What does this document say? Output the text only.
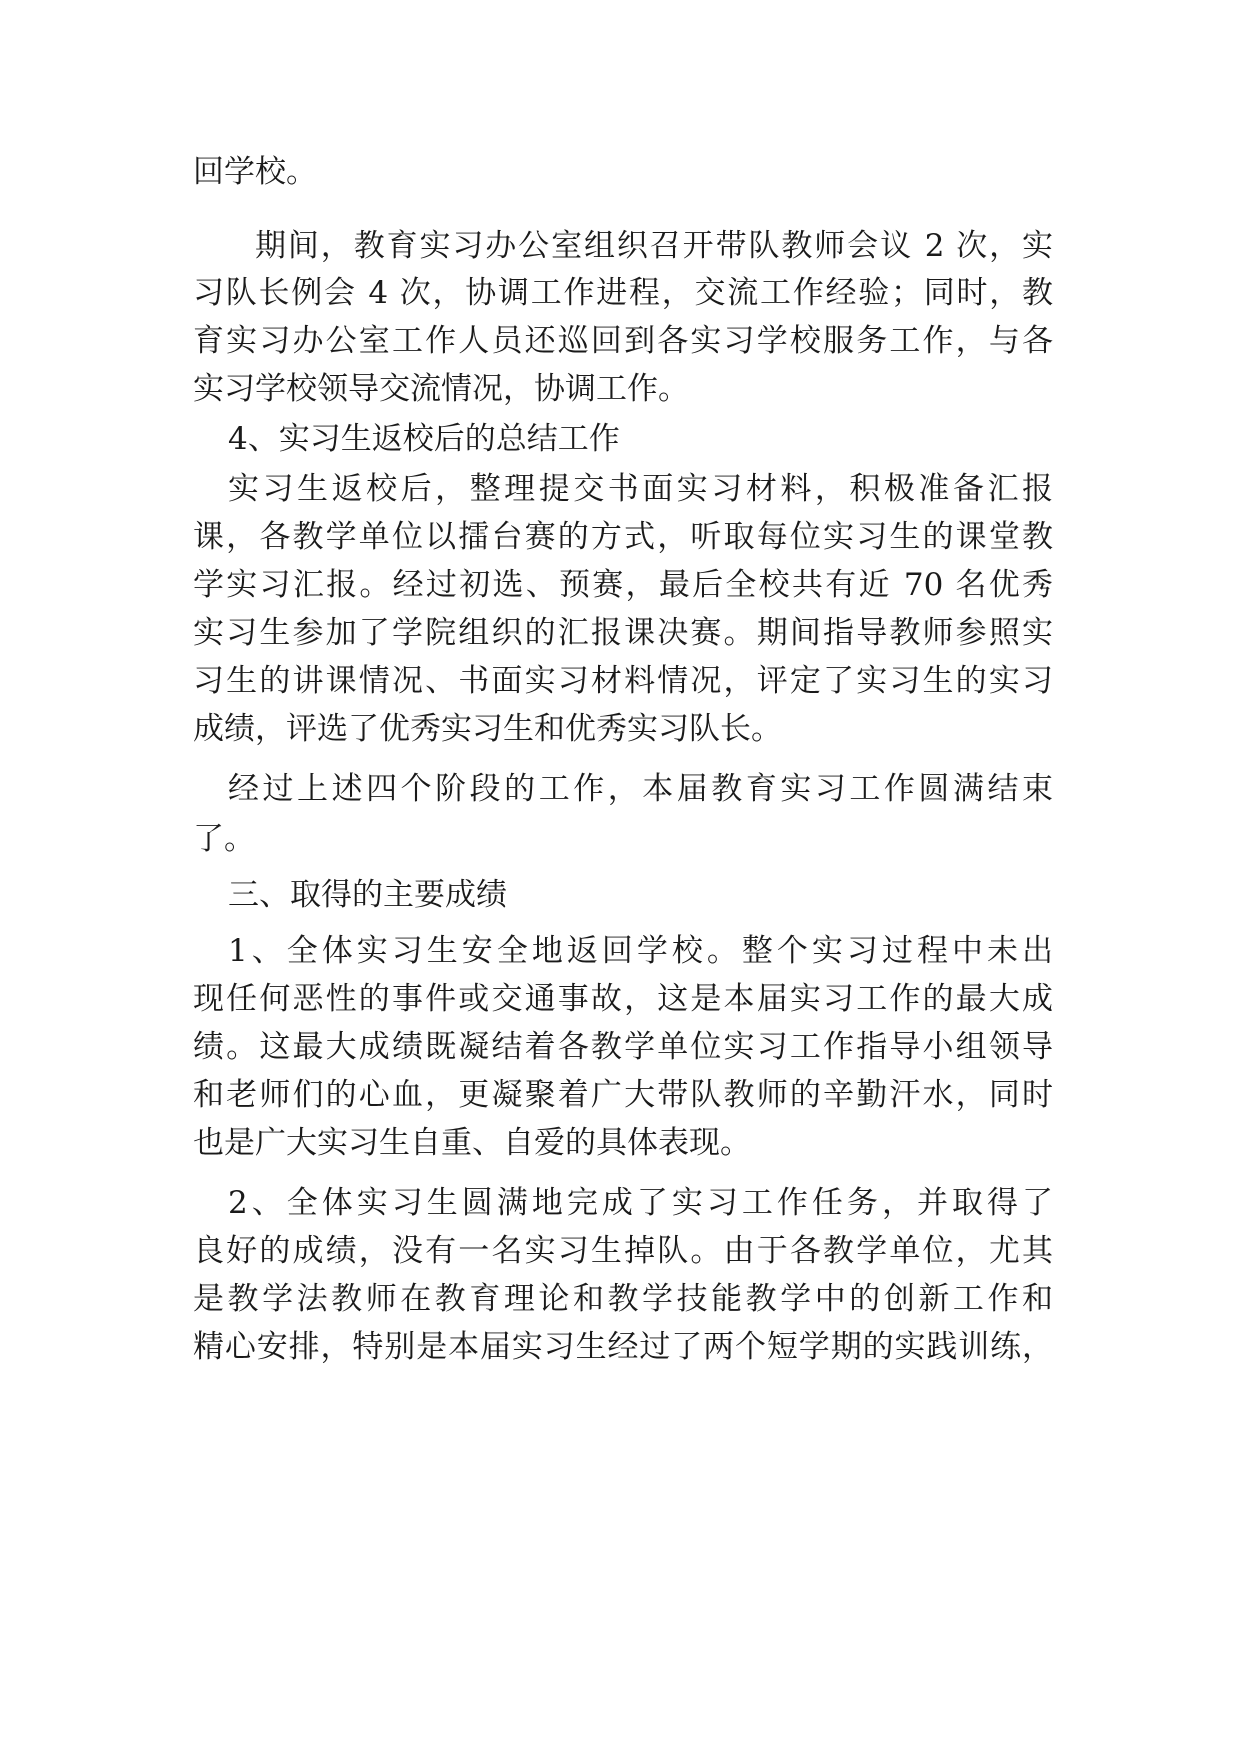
回学校。
期间，教育实习办公室组织召开带队教师会议 2 次，实
习队长例会 4 次，协调工作进程，交流工作经验；同时，教
育实习办公室工作人员还巡回到各实习学校服务工作，与各
实习学校领导交流情况，协调工作。
4、实习生返校后的总结工作
实习生返校后，整理提交书面实习材料，积极准备汇报
课，各教学单位以擂台赛的方式，听取每位实习生的课堂教
学实习汇报。经过初选、预赛，最后全校共有近 70 名优秀
实习生参加了学院组织的汇报课决赛。期间指导教师参照实
习生的讲课情况、书面实习材料情况，评定了实习生的实习
成绩，评选了优秀实习生和优秀实习队长。
经过上述四个阶段的工作，本届教育实习工作圆满结束
了。
三、取得的主要成绩
1、全体实习生安全地返回学校。整个实习过程中未出
现任何恶性的事件或交通事故，这是本届实习工作的最大成
绩。这最大成绩既凝结着各教学单位实习工作指导小组领导
和老师们的心血，更凝聚着广大带队教师的辛勤汗水，同时
也是广大实习生自重、自爱的具体表现。
2、全体实习生圆满地完成了实习工作任务，并取得了
良好的成绩，没有一名实习生掉队。由于各教学单位，尤其
是教学法教师在教育理论和教学技能教学中的创新工作和
精心安排，特别是本届实习生经过了两个短学期的实践训练，
